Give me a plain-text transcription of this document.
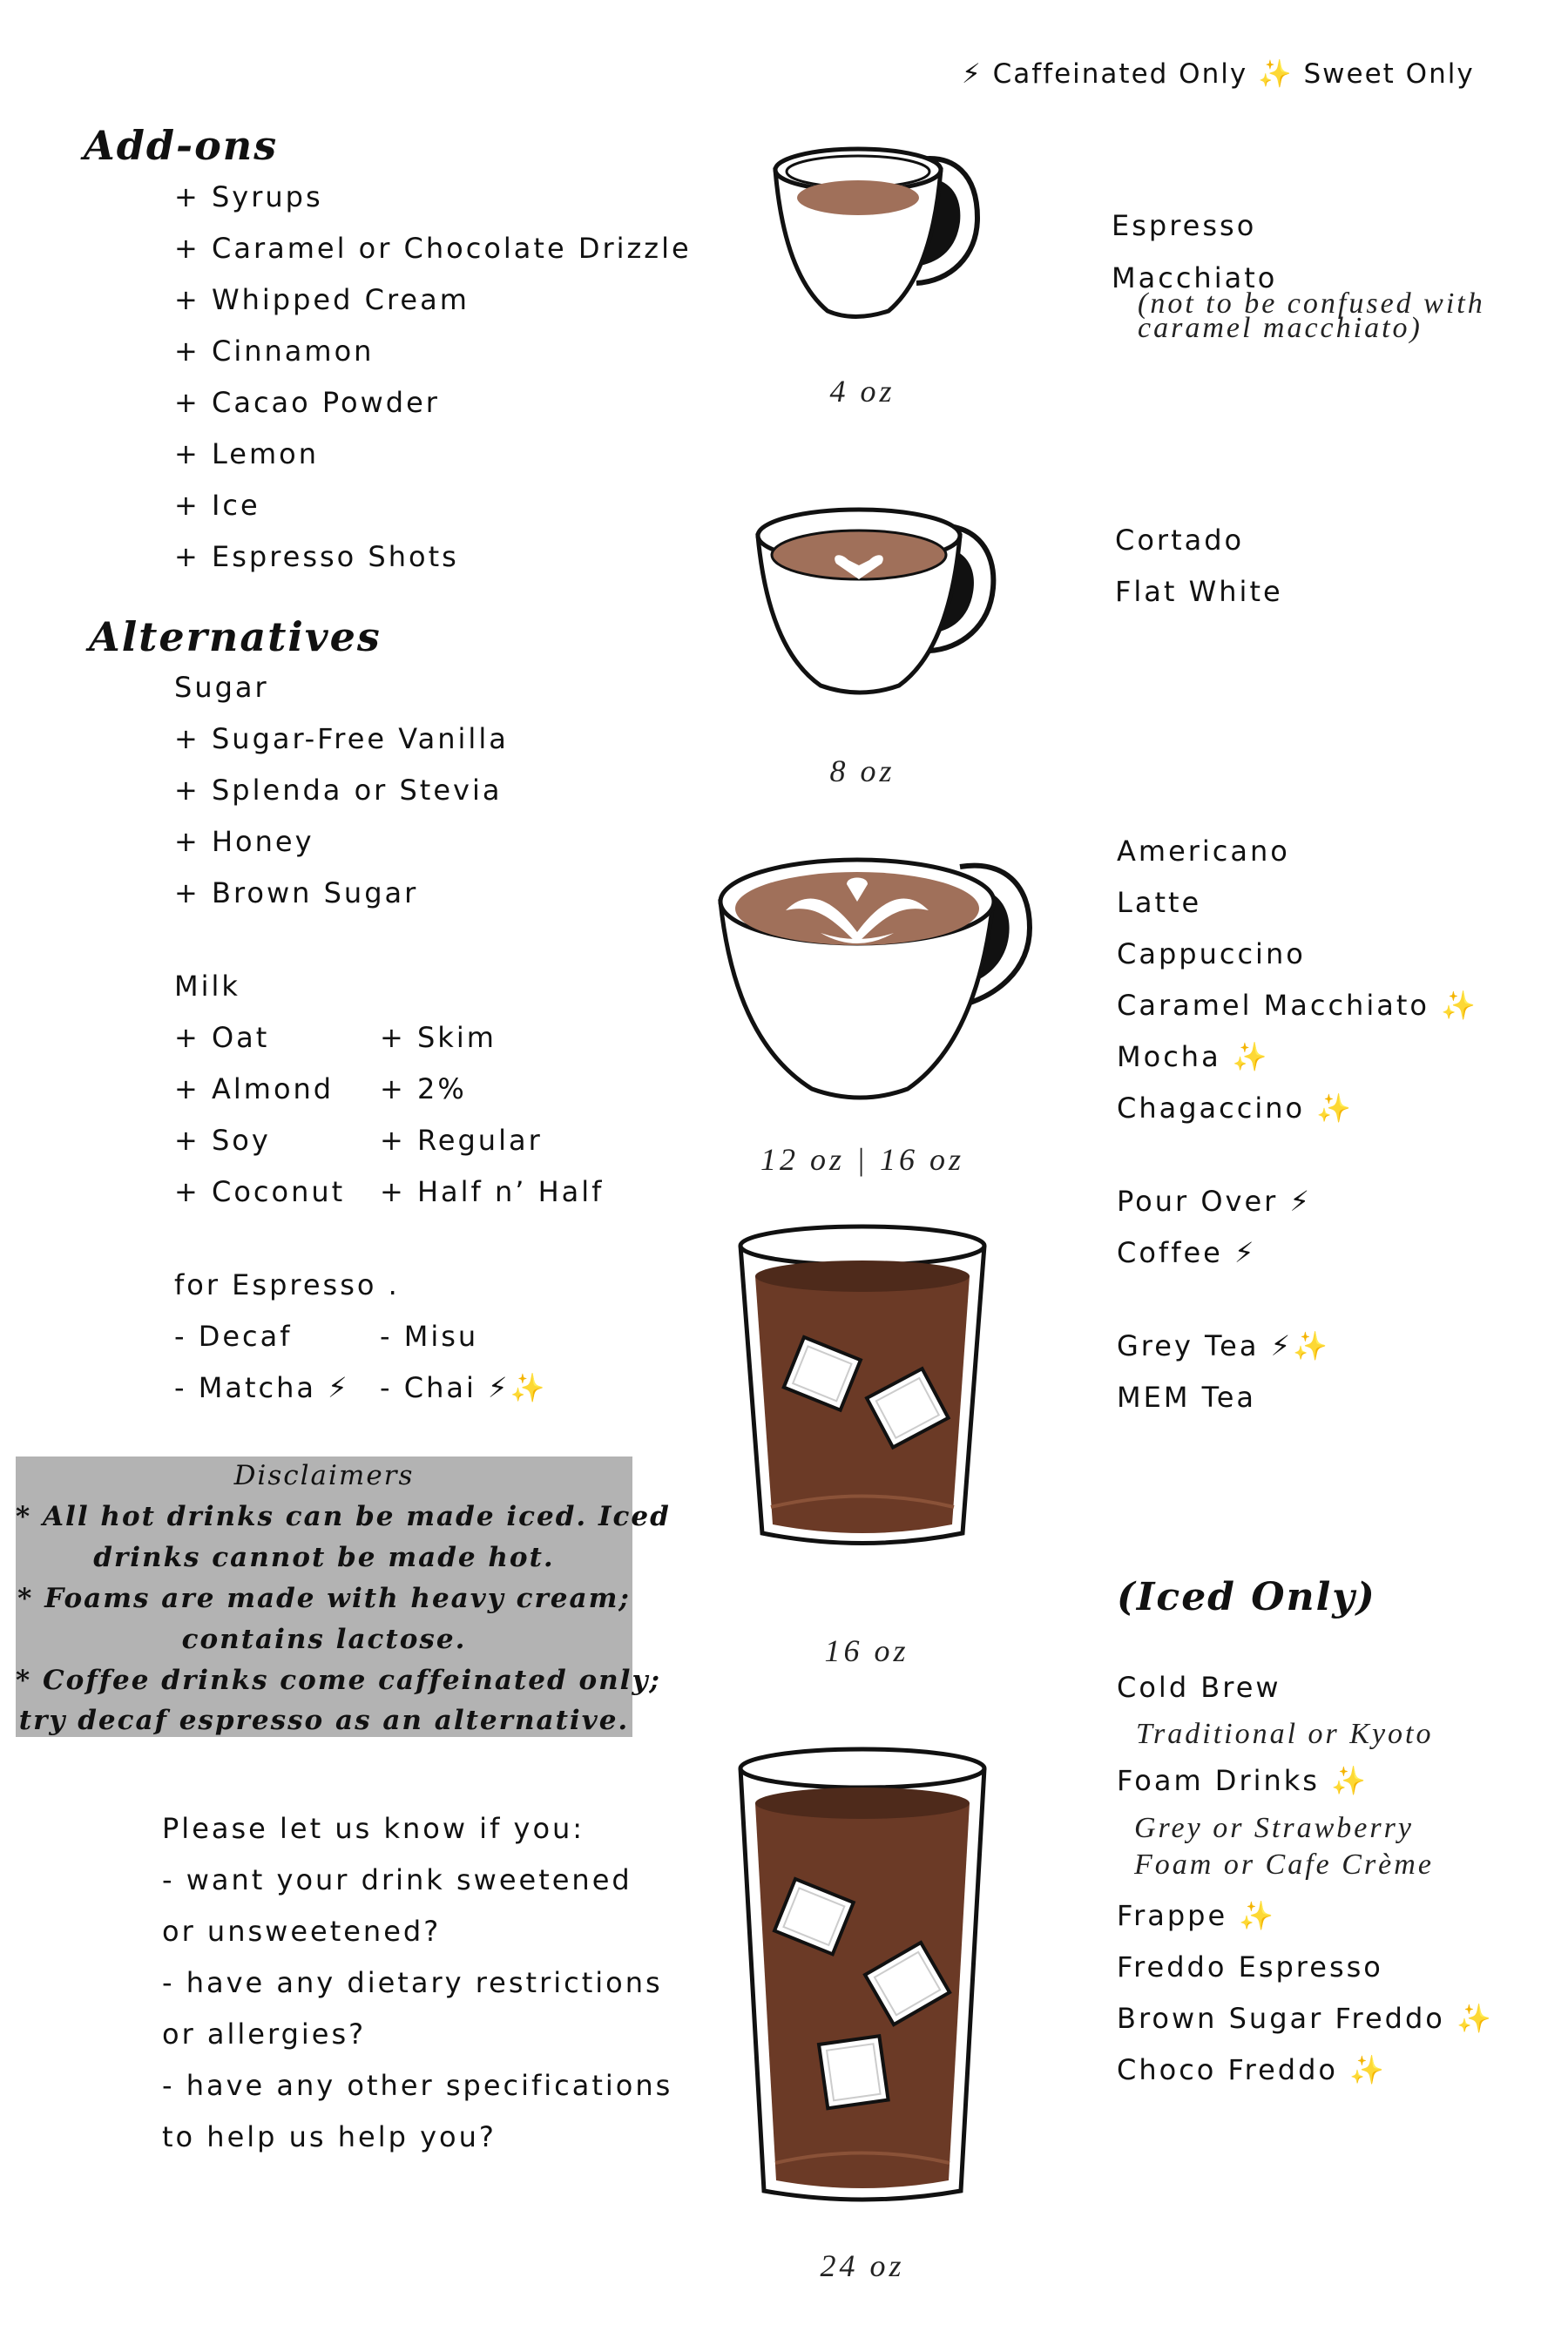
⚡ Caffeinated Only ✨ Sweet Only
Add-ons
+ Syrups
+ Caramel or Chocolate Drizzle
+ Whipped Cream
+ Cinnamon
+ Cacao Powder
+ Lemon
+ Ice
+ Espresso Shots
Alternatives
Sugar
+ Sugar-Free Vanilla
+ Splenda or Stevia
+ Honey
+ Brown Sugar
Milk
+ Oat
+ Almond
+ Soy
+ Coconut
+ Skim
+ 2%
+ Regular
+ Half n’ Half
for Espresso .
- Decaf
- Matcha ⚡
- Misu
- Chai ⚡✨
Disclaimers
* All hot drinks can be made iced. Iced
drinks cannot be made hot.
* Foams are made with heavy cream;
contains lactose.
* Coffee drinks come caffeinated only;
try decaf espresso as an alternative.
Please let us know if you:
- want your drink sweetened
or unsweetened?
- have any dietary restrictions
or allergies?
- have any other specifications
to help us help you?
4 oz
8 oz
12 oz | 16 oz
16 oz
24 oz
Espresso
Macchiato
(not to be confused with
caramel macchiato)
Cortado
Flat White
Americano
Latte
Cappuccino
Caramel Macchiato ✨
Mocha ✨
Chagaccino ✨
Pour Over ⚡
Coffee ⚡
Grey Tea ⚡✨
MEM Tea
(Iced Only)
Cold Brew
Traditional or Kyoto
Foam Drinks ✨
Grey or Strawberry
Foam or Cafe Crème
Frappe ✨
Freddo Espresso
Brown Sugar Freddo ✨
Choco Freddo ✨
